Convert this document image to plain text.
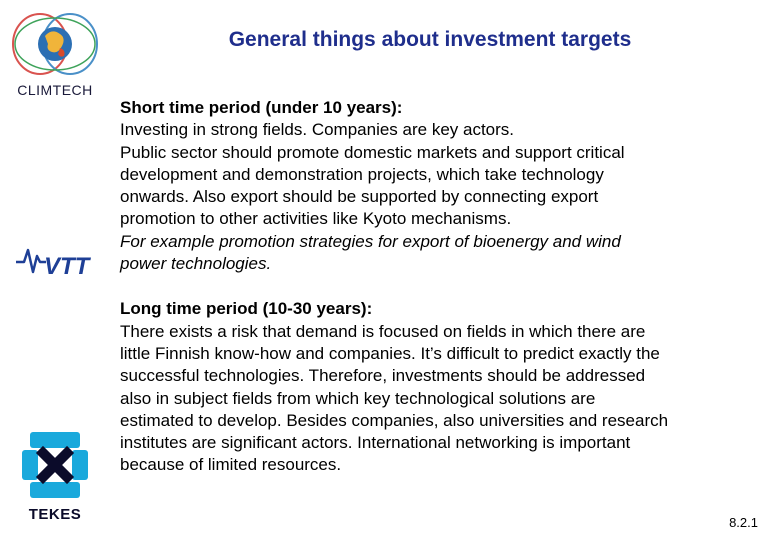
CLIMTECH
VTT
TEKES
General things about investment targets
Short time period (under 10 years):
Investing in strong fields. Companies are key actors.
Public sector should promote domestic markets and support critical
development and demonstration projects, which take technology
onwards. Also export should be supported by connecting export
promotion to other activities like Kyoto mechanisms.
For example promotion strategies for export of bioenergy and wind
power technologies.
Long time period (10-30 years):
There exists a risk that demand is focused on fields in which there are
little Finnish know-how and companies. It’s difficult to predict exactly the
successful technologies. Therefore, investments should be addressed
also in subject fields from which key technological solutions are
estimated to develop. Besides companies, also universities and research
institutes are significant actors. International networking is important
because of limited resources.
8.2.1
